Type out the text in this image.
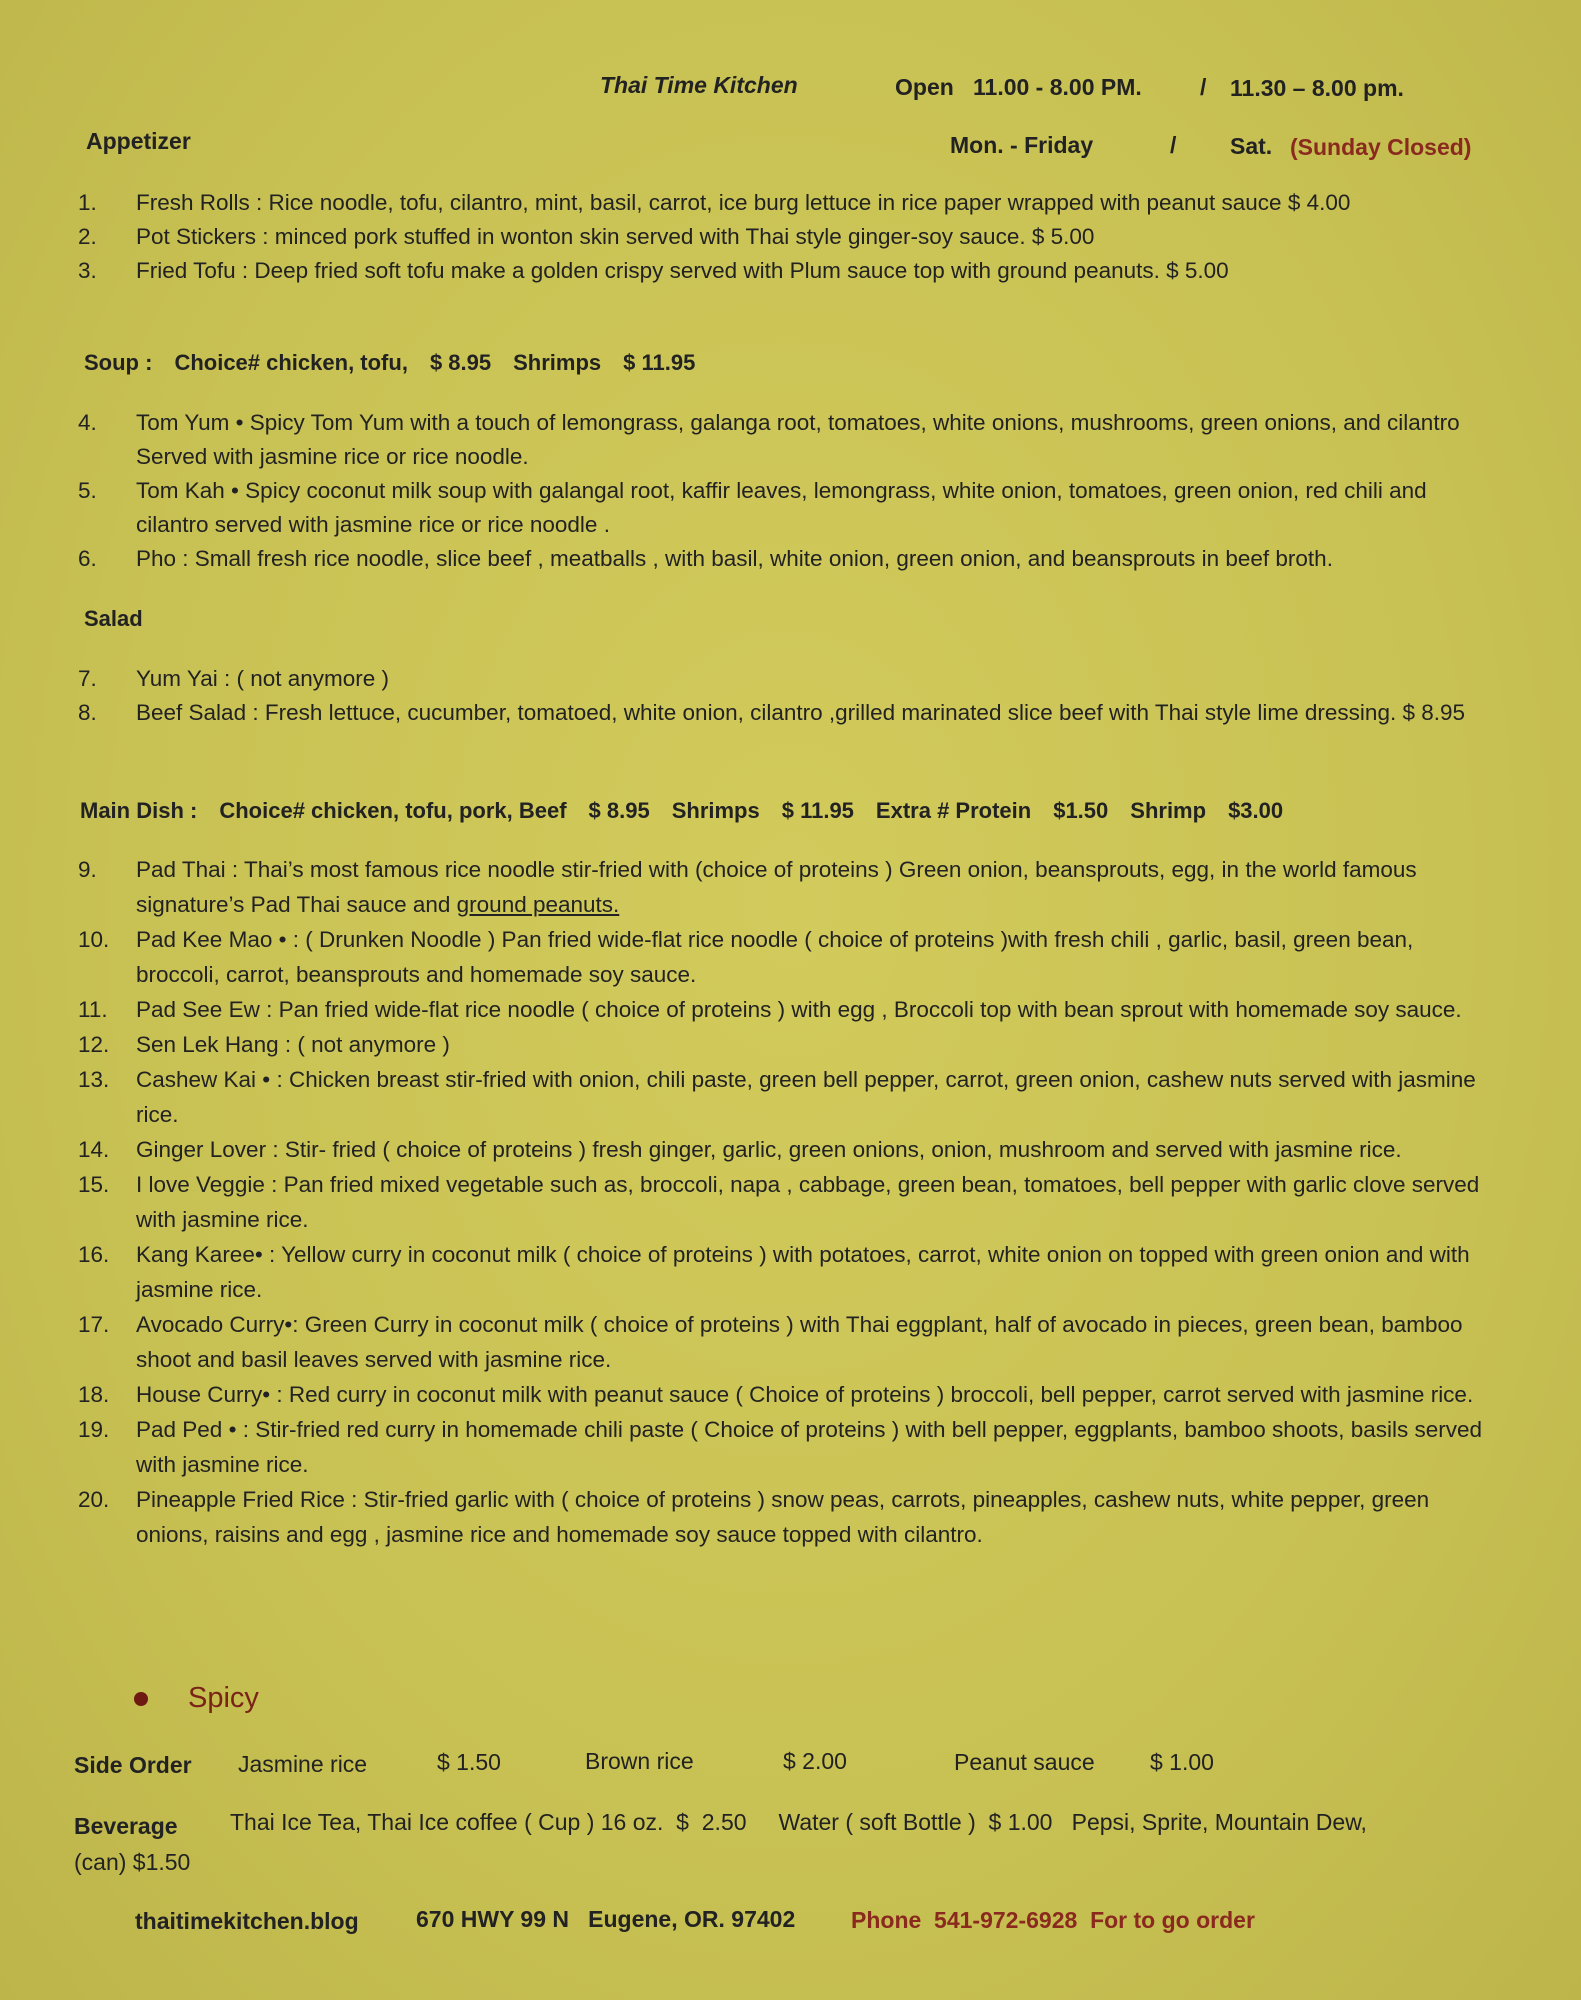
Thai Time Kitchen	Open 11.00 - 8.00 PM.	/ 11.30 – 8.00 pm.
Appetizer	Mon. - Friday	/ Sat. (Sunday Closed)
1.	Fresh Rolls : Rice noodle, tofu, cilantro, mint, basil, carrot, ice burg lettuce in rice paper wrapped with peanut sauce $ 4.00
2.	Pot Stickers : minced pork stuffed in wonton skin served with Thai style ginger-soy sauce. $ 5.00
3.	Fried Tofu : Deep fried soft tofu make a golden crispy served with Plum sauce top with ground peanuts. $ 5.00
Soup : Choice# chicken, tofu, $ 8.95 Shrimps $ 11.95
4.	Tom Yum • Spicy Tom Yum with a touch of lemongrass, galanga root, tomatoes, white onions, mushrooms, green onions, and cilantro Served with jasmine rice or rice noodle.
5.	Tom Kah • Spicy coconut milk soup with galangal root, kaffir leaves, lemongrass, white onion, tomatoes, green onion, red chili and cilantro served with jasmine rice or rice noodle .
6.	Pho : Small fresh rice noodle, slice beef , meatballs , with basil, white onion, green onion, and beansprouts in beef broth.
Salad
7.	Yum Yai : ( not anymore )
8.	Beef Salad : Fresh lettuce, cucumber, tomatoed, white onion, cilantro ,grilled marinated slice beef with Thai style lime dressing. $ 8.95
Main Dish : Choice# chicken, tofu, pork, Beef $ 8.95 Shrimps $ 11.95 Extra # Protein $1.50 Shrimp $3.00
9.	Pad Thai : Thai’s most famous rice noodle stir-fried with (choice of proteins ) Green onion, beansprouts, egg, in the world famous signature’s Pad Thai sauce and ground peanuts.
10.	Pad Kee Mao • : ( Drunken Noodle ) Pan fried wide-flat rice noodle ( choice of proteins )with fresh chili , garlic, basil, green bean, broccoli, carrot, beansprouts and homemade soy sauce.
11.	Pad See Ew : Pan fried wide-flat rice noodle ( choice of proteins ) with egg , Broccoli top with bean sprout with homemade soy sauce.
12.	Sen Lek Hang : ( not anymore )
13.	Cashew Kai • : Chicken breast stir-fried with onion, chili paste, green bell pepper, carrot, green onion, cashew nuts served with jasmine rice.
14.	Ginger Lover : Stir- fried ( choice of proteins ) fresh ginger, garlic, green onions, onion, mushroom and served with jasmine rice.
15.	I love Veggie : Pan fried mixed vegetable such as, broccoli, napa , cabbage, green bean, tomatoes, bell pepper with garlic clove served with jasmine rice.
16.	Kang Karee• : Yellow curry in coconut milk ( choice of proteins ) with potatoes, carrot, white onion on topped with green onion and with jasmine rice.
17.	Avocado Curry•: Green Curry in coconut milk ( choice of proteins ) with Thai eggplant, half of avocado in pieces, green bean, bamboo shoot and basil leaves served with jasmine rice.
18.	House Curry• : Red curry in coconut milk with peanut sauce ( Choice of proteins ) broccoli, bell pepper, carrot served with jasmine rice.
19.	Pad Ped • : Stir-fried red curry in homemade chili paste ( Choice of proteins ) with bell pepper, eggplants, bamboo shoots, basils served with jasmine rice.
20.	Pineapple Fried Rice : Stir-fried garlic with ( choice of proteins ) snow peas, carrots, pineapples, cashew nuts, white pepper, green onions, raisins and egg , jasmine rice and homemade soy sauce topped with cilantro.
Spicy
Side Order Jasmine rice	$ 1.50	Brown rice	$ 2.00	Peanut sauce $ 1.00
Beverage Thai Ice Tea, Thai Ice coffee ( Cup ) 16 oz.  $  2.50     Water ( soft Bottle )  $ 1.00   Pepsi, Sprite, Mountain Dew,
(can) $1.50
thaitimekitchen.blog 670 HWY 99 N   Eugene, OR. 97402 Phone  541-972-6928  For to go order
